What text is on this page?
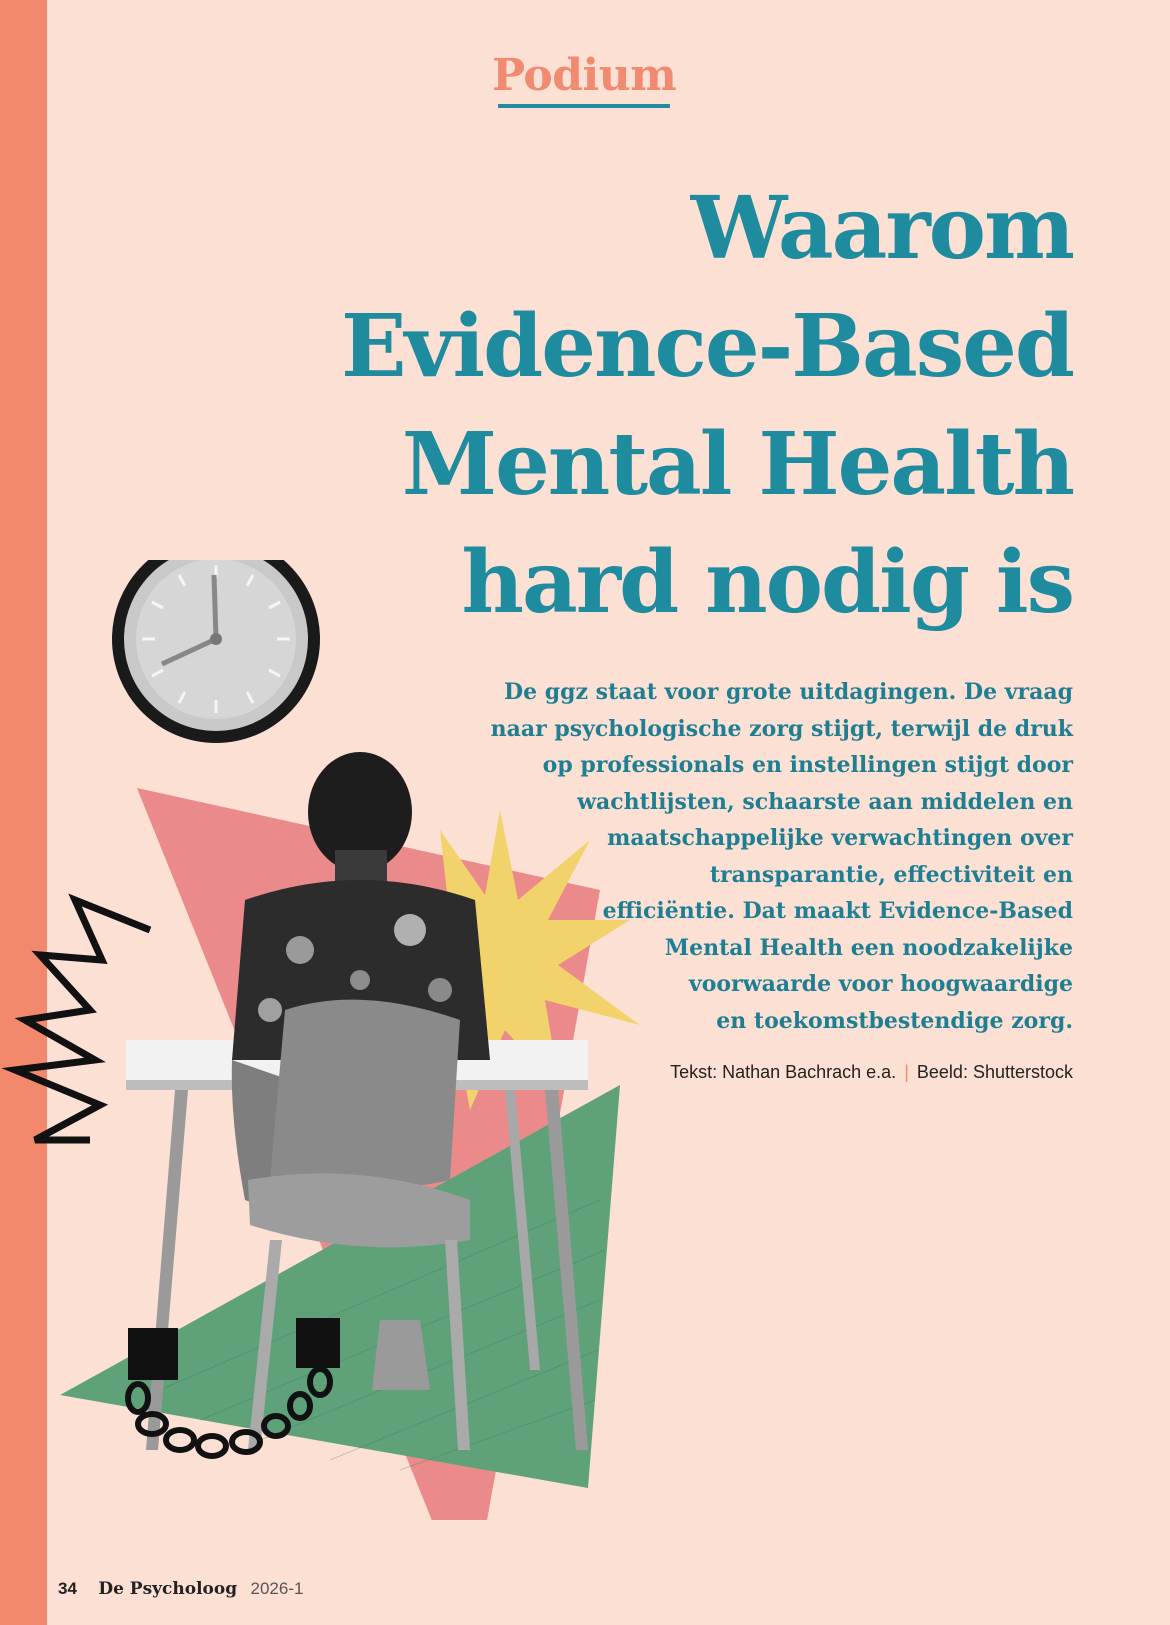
Podium
Waarom
Evidence-Based
Mental Health
hard nodig is
De ggz staat voor grote uitdagingen. De vraag
naar psychologische zorg stijgt, terwijl de druk
op professionals en instellingen stijgt door
wachtlijsten, schaarste aan middelen en
maatschappelijke verwachtingen over
transparantie, effectiviteit en
efficiëntie. Dat maakt Evidence-Based
Mental Health een noodzakelijke
voorwaarde voor hoogwaardige
en toekomstbestendige zorg.
Tekst: Nathan Bachrach e.a. | Beeld: Shutterstock
34 De Psycholoog 2026-1
